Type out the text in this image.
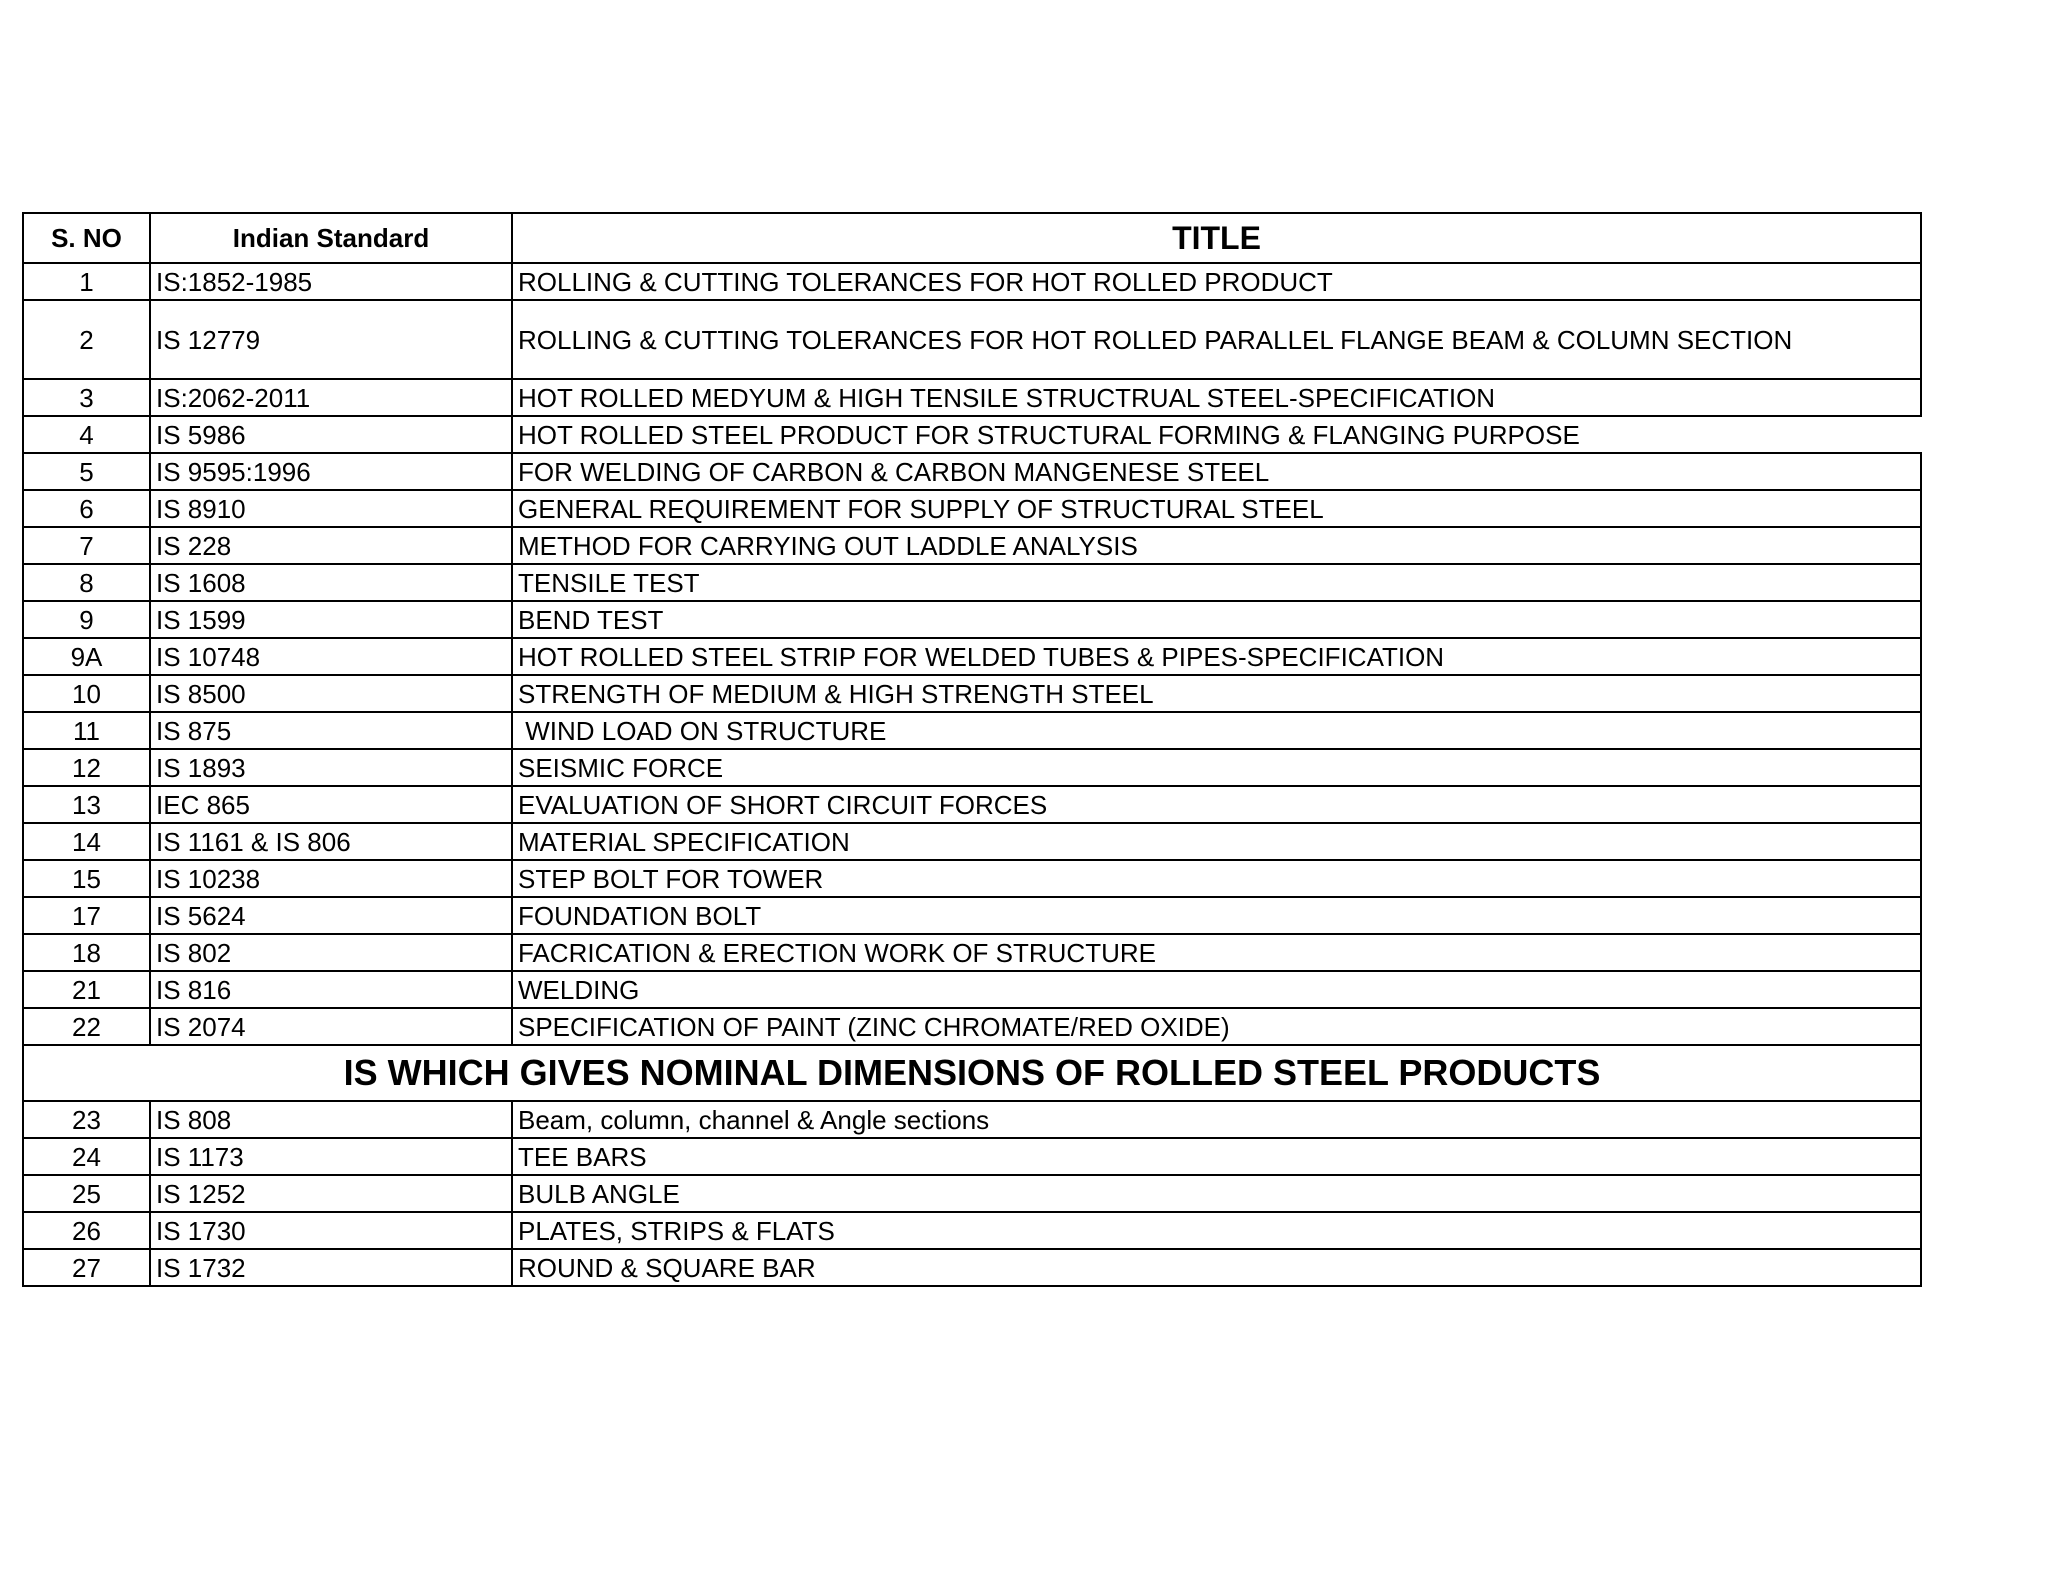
S. NO	Indian Standard	TITLE
1	IS:1852-1985	ROLLING & CUTTING TOLERANCES FOR HOT ROLLED PRODUCT
2	IS 12779	ROLLING & CUTTING TOLERANCES FOR HOT ROLLED PARALLEL FLANGE BEAM & COLUMN SECTION
3	IS:2062-2011	HOT ROLLED MEDYUM & HIGH TENSILE STRUCTRUAL STEEL-SPECIFICATION
4	IS 5986	HOT ROLLED STEEL PRODUCT FOR STRUCTURAL FORMING & FLANGING PURPOSE
5	IS 9595:1996	FOR WELDING OF CARBON & CARBON MANGENESE STEEL
6	IS 8910	GENERAL REQUIREMENT FOR SUPPLY OF STRUCTURAL STEEL
7	IS 228	METHOD FOR CARRYING OUT LADDLE ANALYSIS
8	IS 1608	TENSILE TEST
9	IS 1599	BEND TEST
9A	IS 10748	HOT ROLLED STEEL STRIP FOR WELDED TUBES & PIPES-SPECIFICATION
10	IS 8500	STRENGTH OF MEDIUM & HIGH STRENGTH STEEL
11	IS 875	WIND LOAD ON STRUCTURE
12	IS 1893	SEISMIC FORCE
13	IEC 865	EVALUATION OF SHORT CIRCUIT FORCES
14	IS 1161 & IS 806	MATERIAL SPECIFICATION
15	IS 10238	STEP BOLT FOR TOWER
17	IS 5624	FOUNDATION BOLT
18	IS 802	FACRICATION & ERECTION WORK OF STRUCTURE
21	IS 816	WELDING
22	IS 2074	SPECIFICATION OF PAINT (ZINC CHROMATE/RED OXIDE)
IS WHICH GIVES NOMINAL DIMENSIONS OF ROLLED STEEL PRODUCTS		
23	IS 808	Beam, column, channel & Angle sections
24	IS 1173	TEE BARS
25	IS 1252	BULB ANGLE
26	IS 1730	PLATES, STRIPS & FLATS
27	IS 1732	ROUND & SQUARE BAR
